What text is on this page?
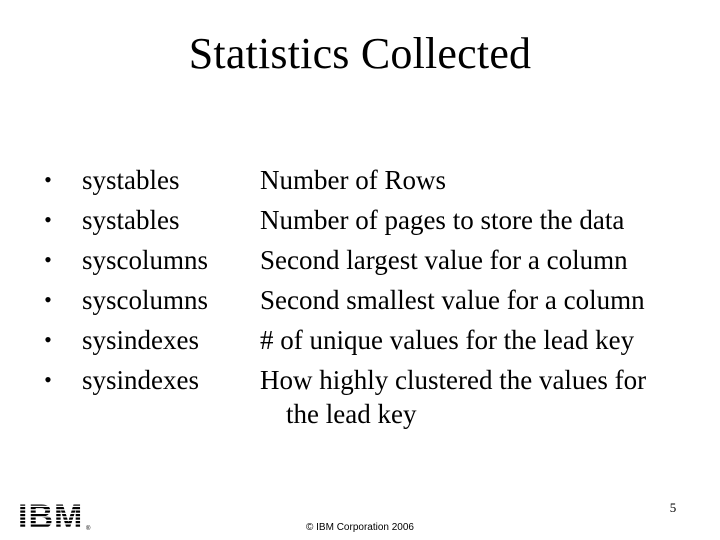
Statistics Collected
•	systables	Number of Rows
•	systables	Number of pages to store the data
•	syscolumns Second largest value for a column
•	syscolumns Second smallest value for a column
•	sysindexes # of unique values for the lead key
•	sysindexes How highly clustered the values for
the lead key
IBM ®
5
© IBM Corporation 2006
